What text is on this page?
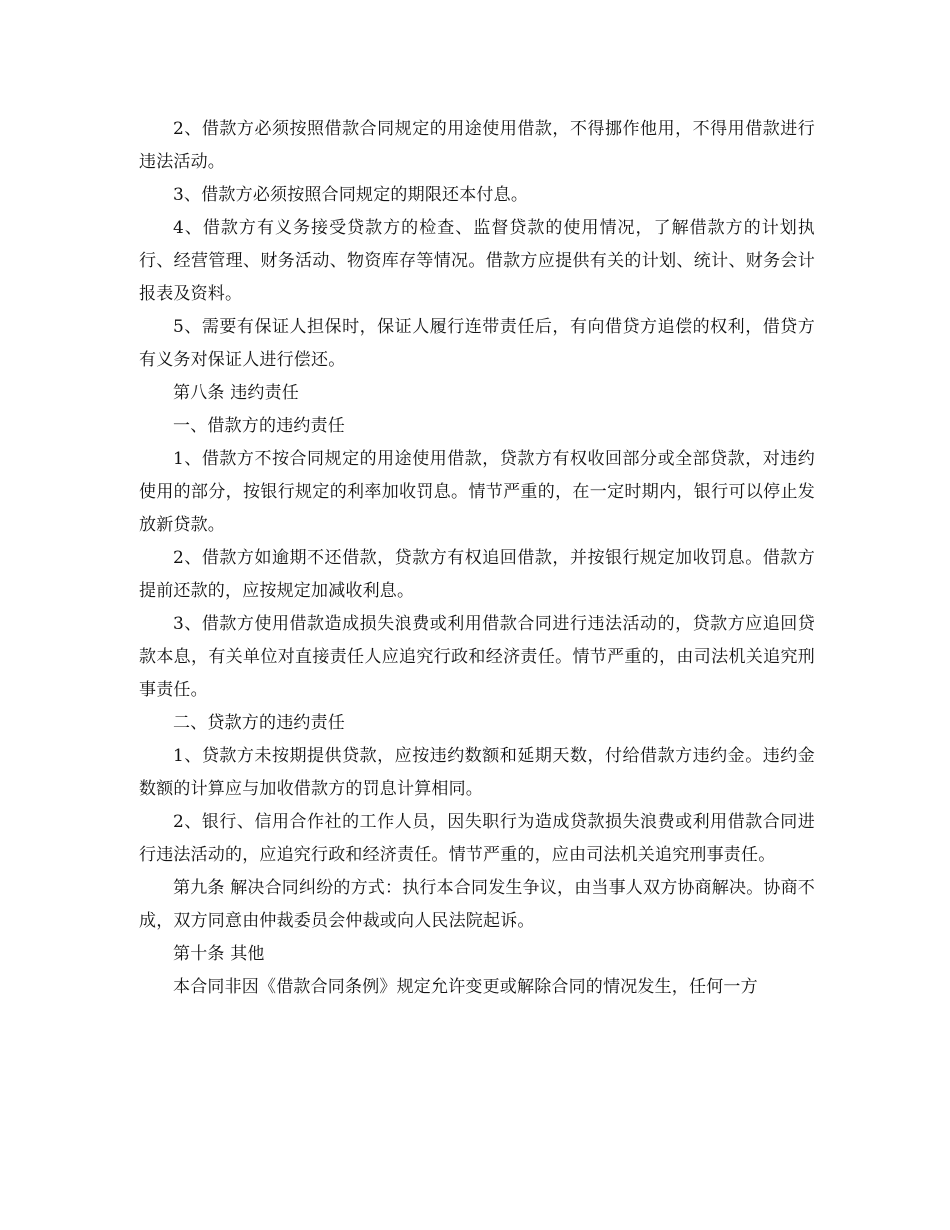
2、借款方必须按照借款合同规定的用途使用借款，不得挪作他用，不得用借款进行违法活动。

3、借款方必须按照合同规定的期限还本付息。

4、借款方有义务接受贷款方的检查、监督贷款的使用情况，了解借款方的计划执行、经营管理、财务活动、物资库存等情况。借款方应提供有关的计划、统计、财务会计报表及资料。

5、需要有保证人担保时，保证人履行连带责任后，有向借贷方追偿的权利，借贷方有义务对保证人进行偿还。

第八条 违约责任

一、借款方的违约责任

1、借款方不按合同规定的用途使用借款，贷款方有权收回部分或全部贷款，对违约使用的部分，按银行规定的利率加收罚息。情节严重的，在一定时期内，银行可以停止发放新贷款。

2、借款方如逾期不还借款，贷款方有权追回借款，并按银行规定加收罚息。借款方提前还款的，应按规定加减收利息。

3、借款方使用借款造成损失浪费或利用借款合同进行违法活动的，贷款方应追回贷款本息，有关单位对直接责任人应追究行政和经济责任。情节严重的，由司法机关追究刑事责任。

二、贷款方的违约责任

1、贷款方未按期提供贷款，应按违约数额和延期天数，付给借款方违约金。违约金数额的计算应与加收借款方的罚息计算相同。

2、银行、信用合作社的工作人员，因失职行为造成贷款损失浪费或利用借款合同进行违法活动的，应追究行政和经济责任。情节严重的，应由司法机关追究刑事责任。

第九条 解决合同纠纷的方式：执行本合同发生争议，由当事人双方协商解决。协商不成，双方同意由仲裁委员会仲裁或向人民法院起诉。

第十条 其他

本合同非因《借款合同条例》规定允许变更或解除合同的情况发生，任何一方
